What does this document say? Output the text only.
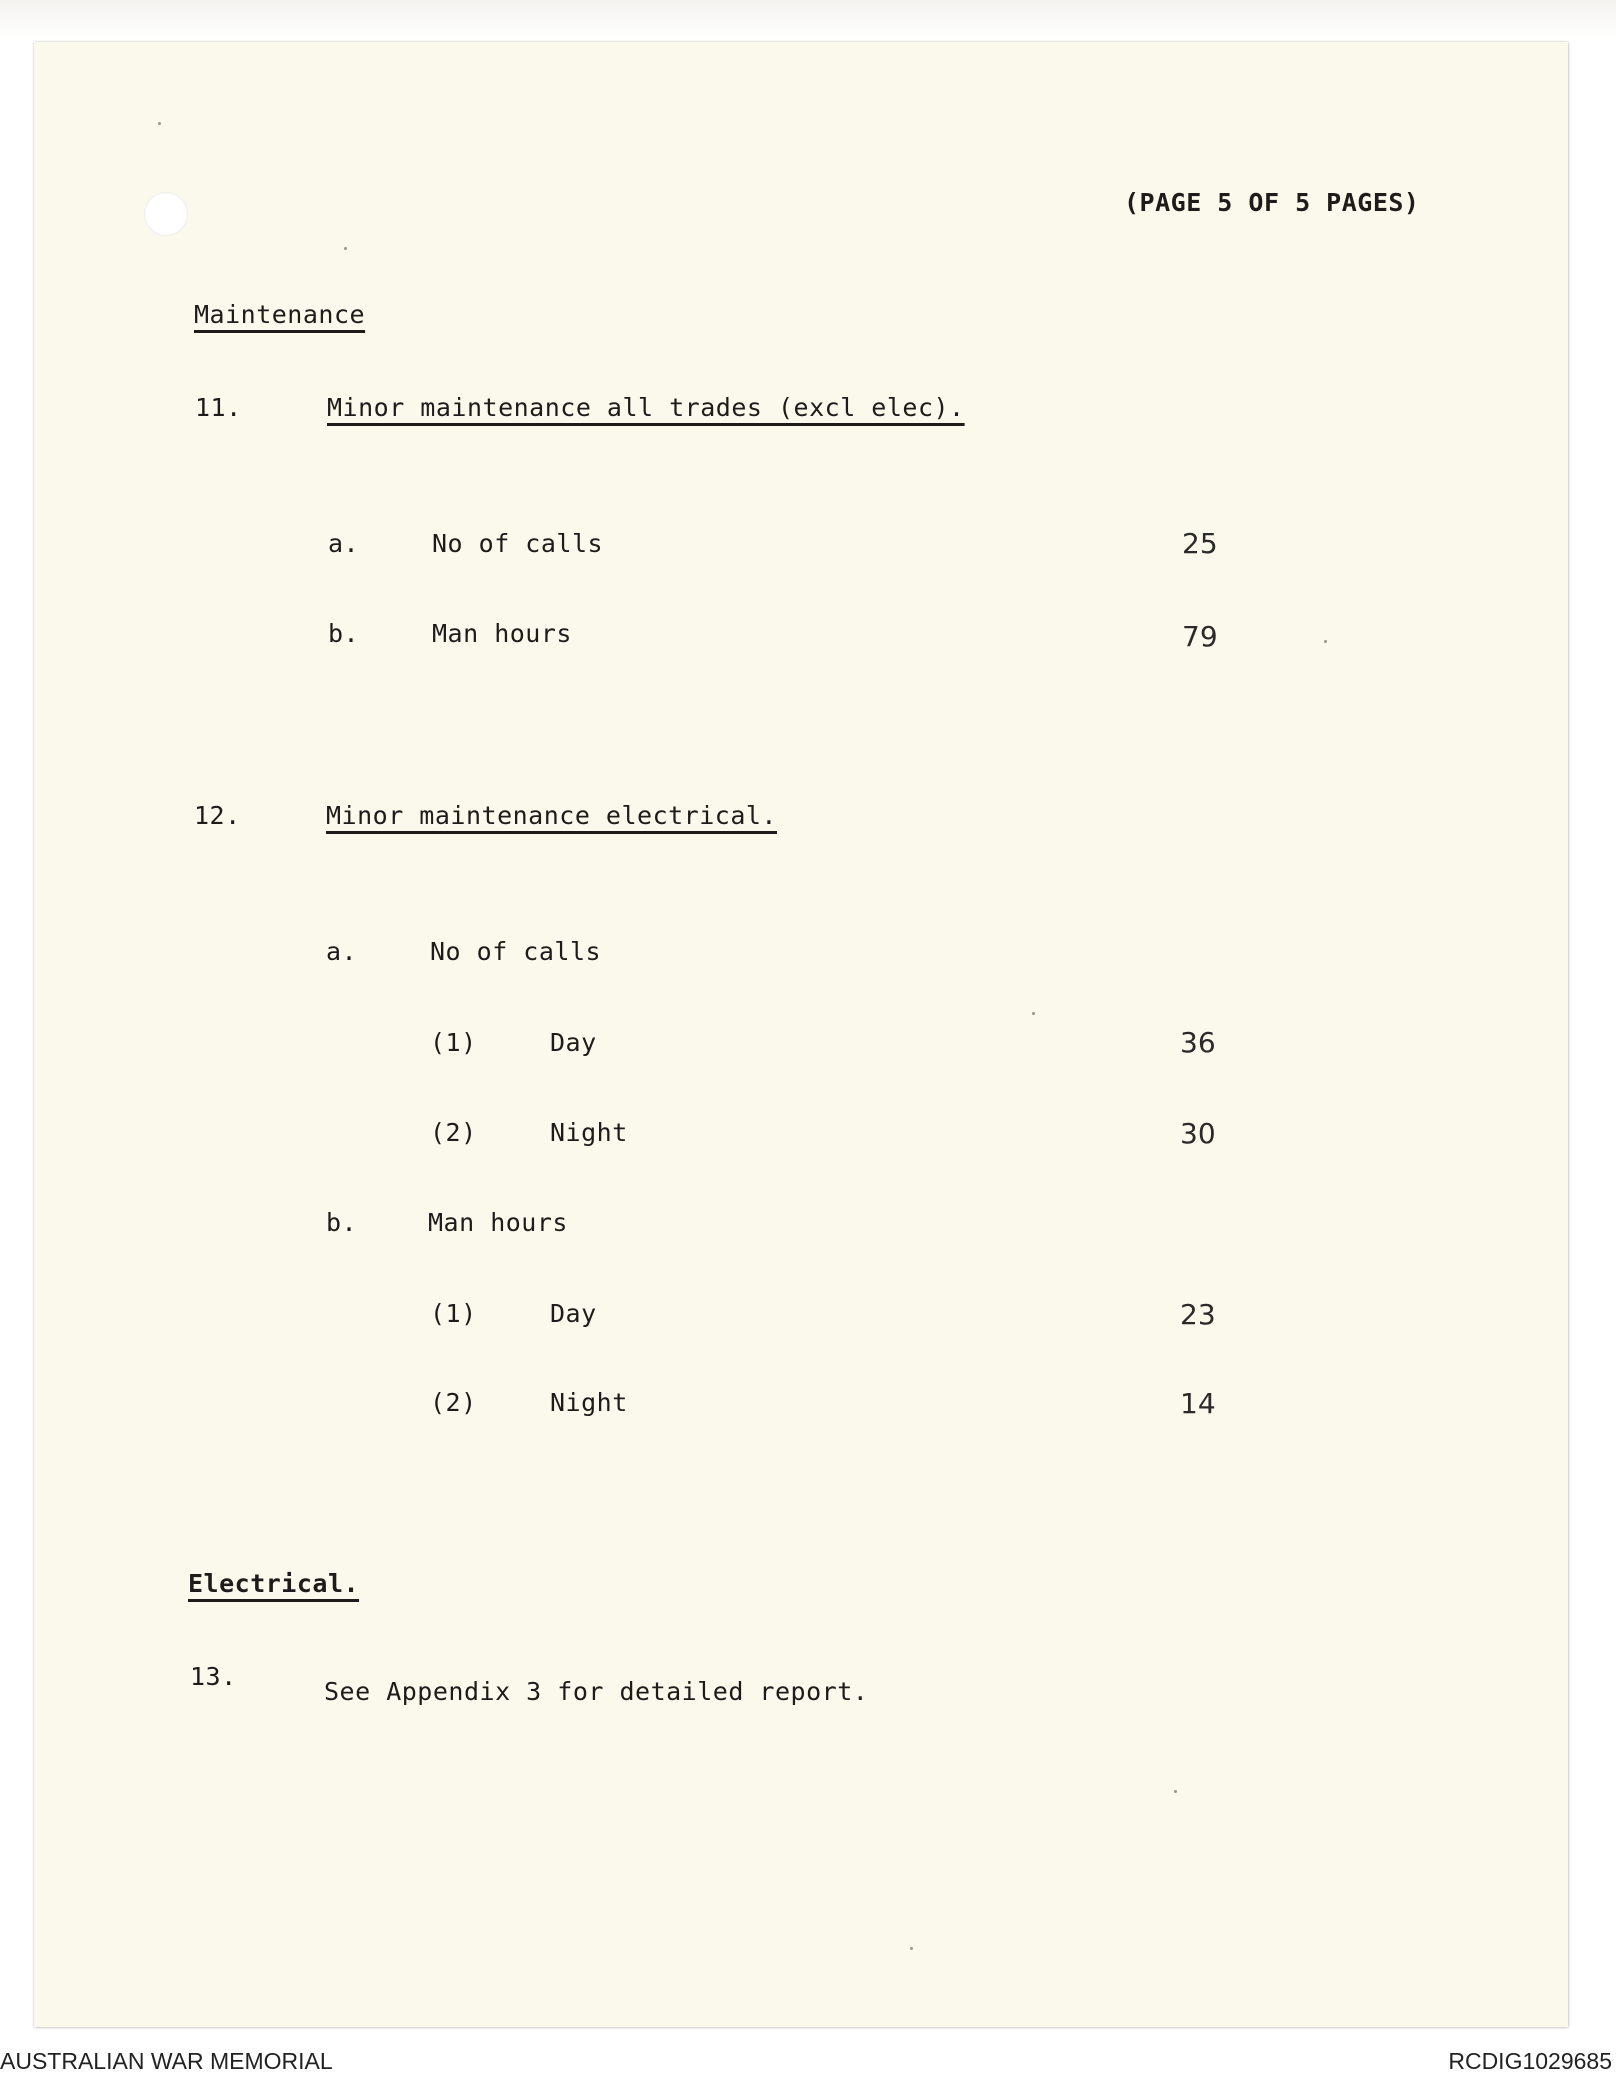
(PAGE 5 OF 5 PAGES)
Maintenance
11.	Minor maintenance all trades (excl elec).
a.	No of calls	25
b.	Man hours	79
12.	Minor maintenance electrical.
a.	No of calls
(1)	Day	36
(2)	Night	30
b.	Man hours
(1)	Day	23
(2)	Night	14
Electrical.
13.
See Appendix 3 for detailed report.
AUSTRALIAN WAR MEMORIAL	RCDIG1029685
